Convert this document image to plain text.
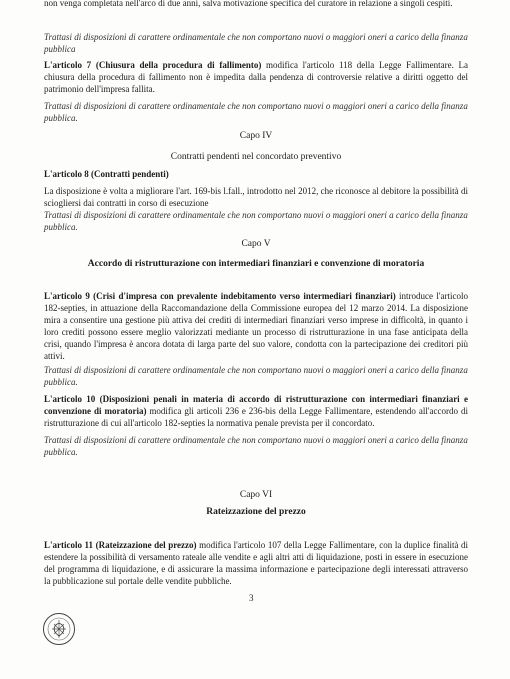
non venga completata nell'arco di due anni, salva motivazione specifica del curatore in relazione a singoli cespiti.

Trattasi di disposizioni di carattere ordinamentale che non comportano nuovi o maggiori oneri a carico della finanza pubblica

L'articolo 7 (Chiusura della procedura di fallimento) modifica l'articolo 118 della Legge Fallimentare. La chiusura della procedura di fallimento non è impedita dalla pendenza di controversie relative a diritti oggetto del patrimonio dell'impresa fallita.

Trattasi di disposizioni di carattere ordinamentale che non comportano nuovi o maggiori oneri a carico della finanza pubblica.

Capo IV

Contratti pendenti nel concordato preventivo

L'articolo 8 (Contratti pendenti)

La disposizione è volta a migliorare l'art. 169-bis l.fall., introdotto nel 2012, che riconosce al debitore la possibilità di sciogliersi dai contratti in corso di esecuzione

Trattasi di disposizioni di carattere ordinamentale che non comportano nuovi o maggiori oneri a carico della finanza pubblica.

Capo V

Accordo di ristrutturazione con intermediari finanziari e convenzione di moratoria

L'articolo 9 (Crisi d'impresa con prevalente indebitamento verso intermediari finanziari) introduce l'articolo 182-septies, in attuazione della Raccomandazione della Commissione europea del 12 marzo 2014. La disposizione mira a consentire una gestione più attiva dei crediti di intermediari finanziari verso imprese in difficoltà, in quanto i loro crediti possono essere meglio valorizzati mediante un processo di ristrutturazione in una fase anticipata della crisi, quando l'impresa è ancora dotata di larga parte del suo valore, condotta con la partecipazione dei creditori più attivi.

Trattasi di disposizioni di carattere ordinamentale che non comportano nuovi o maggiori oneri a carico della finanza pubblica.

L'articolo 10 (Disposizioni penali in materia di accordo di ristrutturazione con intermediari finanziari e convenzione di moratoria) modifica gli articoli 236 e 236-bis della Legge Fallimentare, estendendo all'accordo di ristrutturazione di cui all'articolo 182-septies la normativa penale prevista per il concordato.

Trattasi di disposizioni di carattere ordinamentale che non comportano nuovi o maggiori oneri a carico della finanza pubblica.

Capo VI

Rateizzazione del prezzo

L'articolo 11 (Rateizzazione del prezzo) modifica l'articolo 107 della Legge Fallimentare, con la duplice finalità di estendere la possibilità di versamento rateale alle vendite e agli altri atti di liquidazione, posti in essere in esecuzione del programma di liquidazione, e di assicurare la massima informazione e partecipazione degli interessati attraverso la pubblicazione sul portale delle vendite pubbliche.

3
